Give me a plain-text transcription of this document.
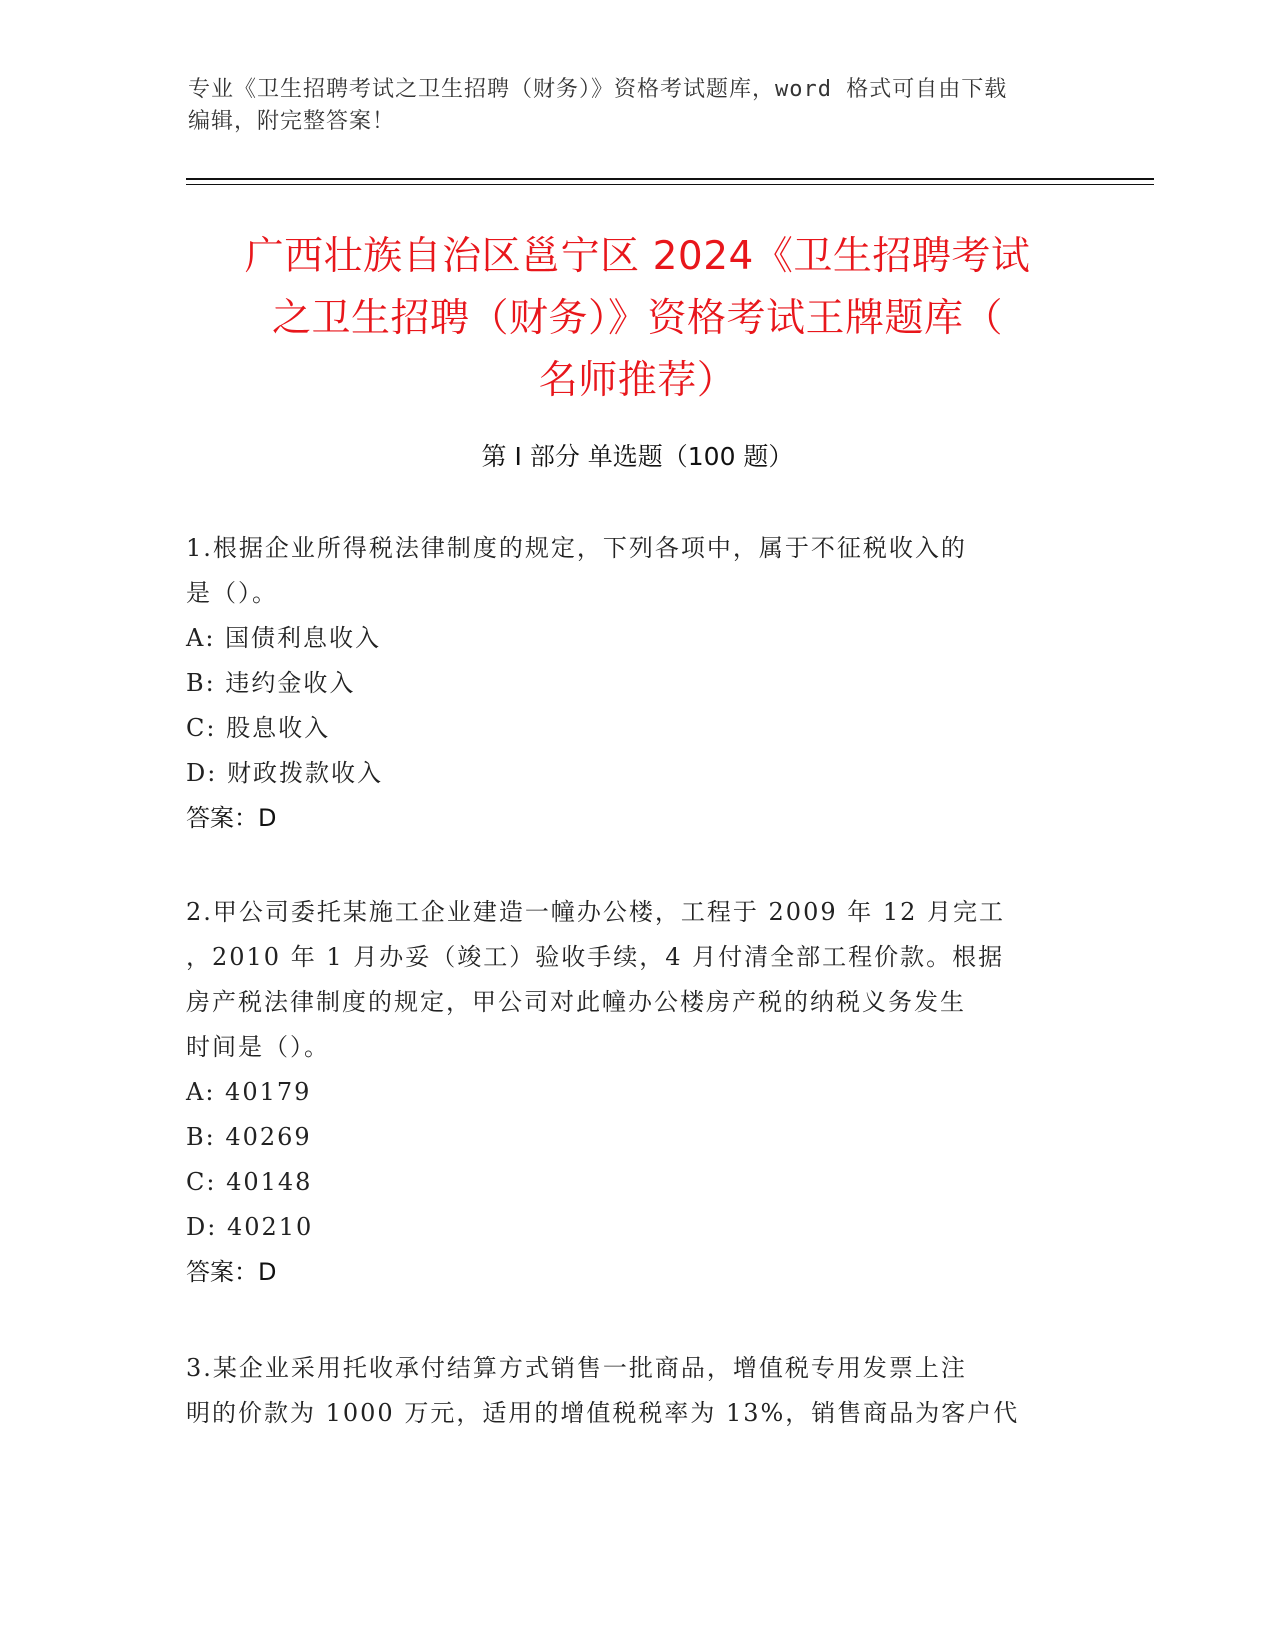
专业《卫生招聘考试之卫生招聘（财务）》资格考试题库，word 格式可自由下载
编辑，附完整答案！
广西壮族自治区邕宁区 2024《卫生招聘考试
之卫生招聘（财务）》资格考试王牌题库（
名师推荐）
第 I 部分 单选题（100 题）
1.根据企业所得税法律制度的规定，下列各项中，属于不征税收入的
是（）。
A: 国债利息收入
B: 违约金收入
C: 股息收入
D: 财政拨款收入
答案：D
2.甲公司委托某施工企业建造一幢办公楼，工程于 2009 年 12 月完工
，2010 年 1 月办妥（竣工）验收手续，4 月付清全部工程价款。根据
房产税法律制度的规定，甲公司对此幢办公楼房产税的纳税义务发生
时间是（）。
A: 40179
B: 40269
C: 40148
D: 40210
答案：D
3.某企业采用托收承付结算方式销售一批商品，增值税专用发票上注
明的价款为 1000 万元，适用的增值税税率为 13%，销售商品为客户代
